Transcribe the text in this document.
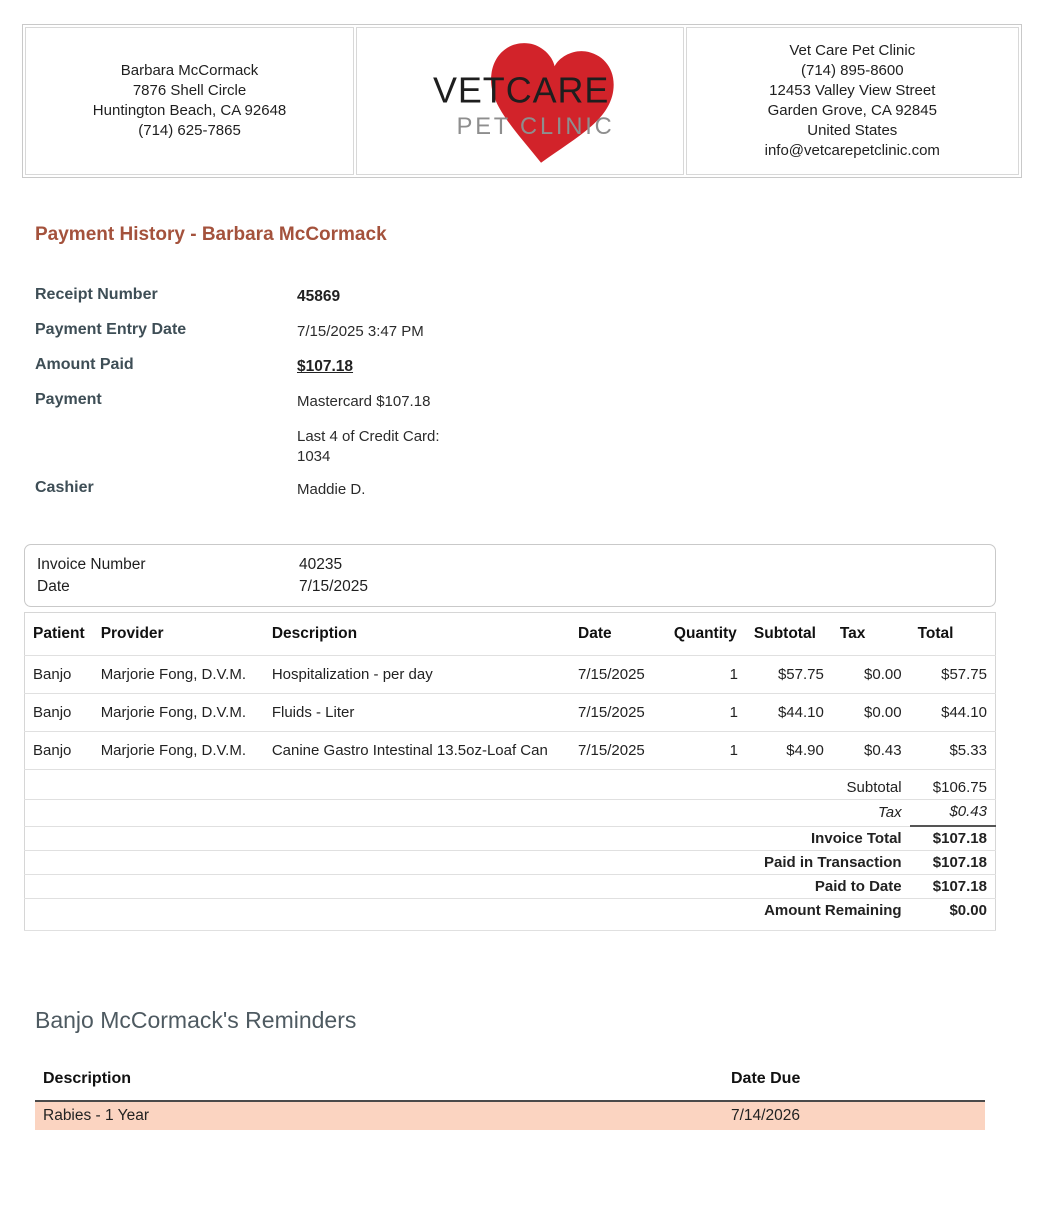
Barbara McCormack
7876 Shell Circle
Huntington Beach, CA 92648
(714) 625-7865

VETCARE
PET CLINIC

Vet Care Pet Clinic
(714) 895-8600
12453 Valley View Street
Garden Grove, CA 92845
United States
info@vetcarepetclinic.com
Payment History - Barbara McCormack
Receipt Number	45869
Payment Entry Date	7/15/2025 3:47 PM
Amount Paid	$107.18
Payment	Mastercard $107.18
Last 4 of Credit Card:
1034
Cashier	Maddie D.
Invoice Number	40235
Date	7/15/2025
Patient	Provider	Description	Date	Quantity	Subtotal	Tax	Total
Banjo	Marjorie Fong, D.V.M.	Hospitalization - per day	7/15/2025	1	$57.75	$0.00	$57.75
Banjo	Marjorie Fong, D.V.M.	Fluids - Liter	7/15/2025	1	$44.10	$0.00	$44.10
Banjo	Marjorie Fong, D.V.M.	Canine Gastro Intestinal 13.5oz-Loaf Can	7/15/2025	1	$4.90	$0.43	$5.33
Subtotal							$106.75
Tax							$0.43
Invoice Total							$107.18
Paid in Transaction							$107.18
Paid to Date							$107.18
Amount Remaining							$0.00
Banjo McCormack's Reminders
Description	Date Due
Rabies - 1 Year	7/14/2026
